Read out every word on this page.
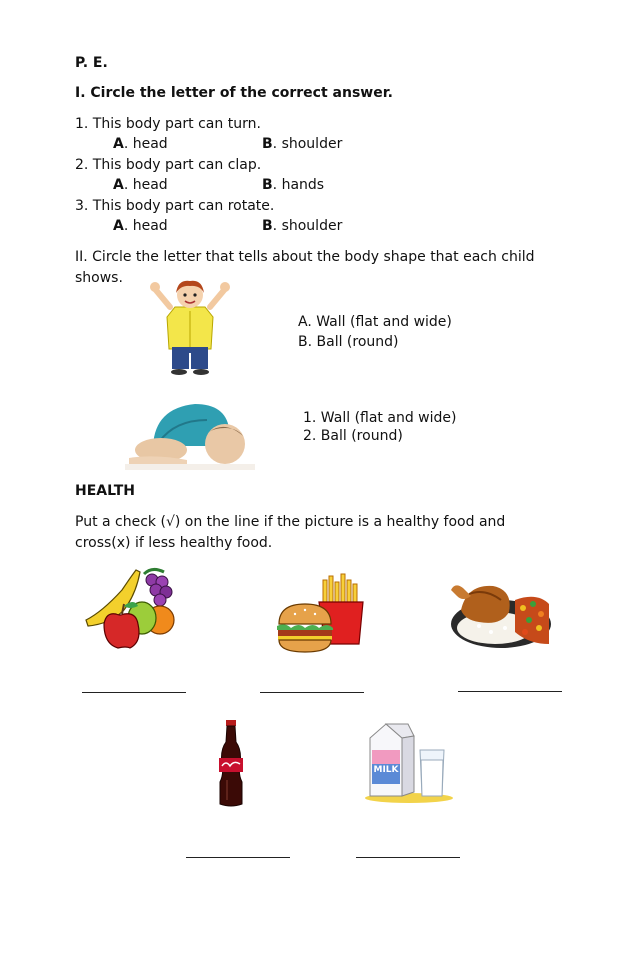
P. E.
I. Circle the letter of the correct answer.
1. This body part can turn.
A. head	B. shoulder
2. This body part can clap.
A. head	B. hands
3. This body part can rotate.
A. head	B. shoulder
II. Circle the letter that tells about the body shape that each child
shows.
A. Wall (flat and wide)
B. Ball (round)
1. Wall (flat and wide)
2. Ball (round)
HEALTH
Put a check (√) on the line if the picture is a healthy food and
cross(x) if less healthy food.
MILK
